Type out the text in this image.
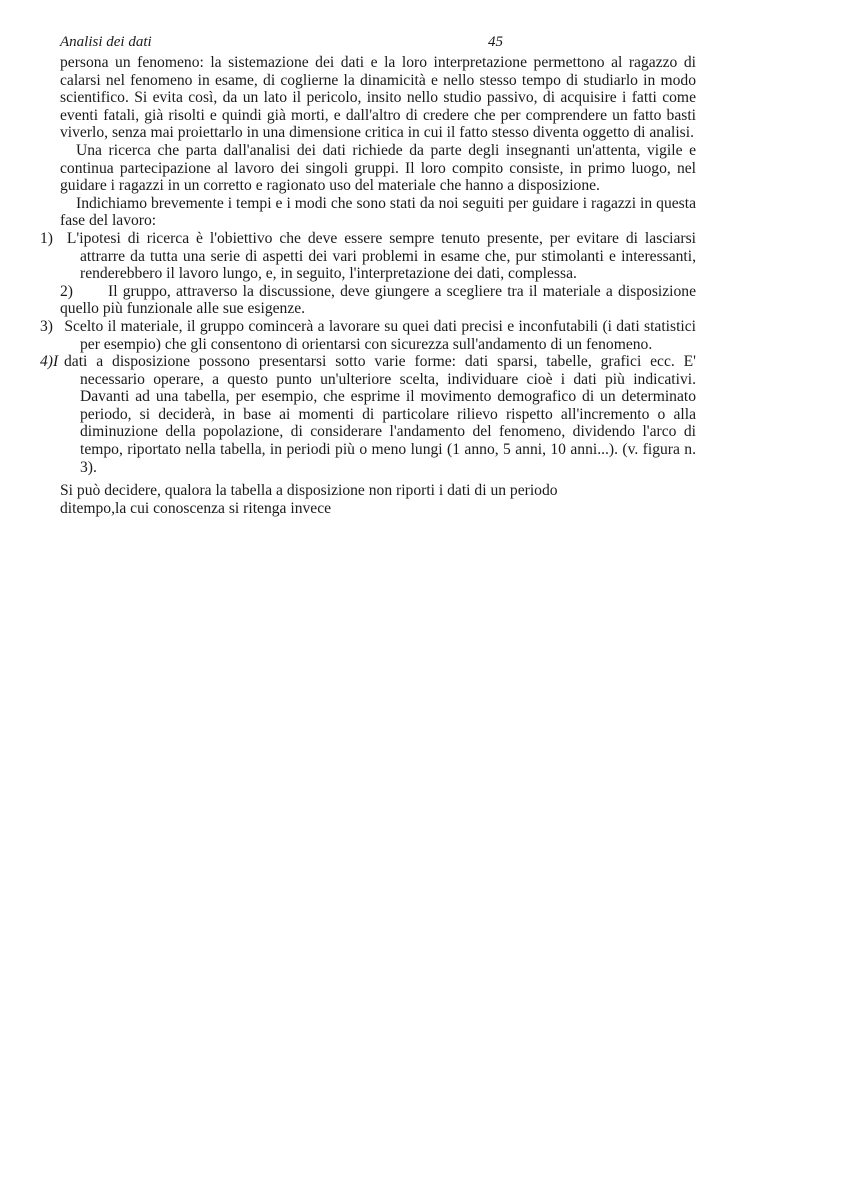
Analisi dei dati	45

persona un fenomeno: la sistemazione dei dati e la loro interpretazione permettono al ragazzo di calarsi nel fenomeno in esame, di coglierne la dinamicità e nello stesso tempo di studiarlo in modo scientifico. Si evita così, da un lato il pericolo, insito nello studio passivo, di acquisire i fatti come eventi fatali, già risolti e quindi già morti, e dall'altro di credere che per comprendere un fatto basti viverlo, senza mai proiettarlo in una dimensione critica in cui il fatto stesso diventa oggetto di analisi.

Una ricerca che parta dall'analisi dei dati richiede da parte degli insegnanti un'attenta, vigile e continua partecipazione al lavoro dei singoli gruppi. Il loro compito consiste, in primo luogo, nel guidare i ragazzi in un corretto e ragionato uso del materiale che hanno a disposizione.

Indichiamo brevemente i tempi e i modi che sono stati da noi seguiti per guidare i ragazzi in questa fase del lavoro:

1) L'ipotesi di ricerca è l'obiettivo che deve essere sempre tenuto presente, per evitare di lasciarsi attrarre da tutta una serie di aspetti dei vari problemi in esame che, pur stimolanti e interessanti, renderebbero il lavoro lungo, e, in seguito, l'interpretazione dei dati, complessa.

2) Il gruppo, attraverso la discussione, deve giungere a scegliere tra il materiale a disposizione quello più funzionale alle sue esigenze.

3) Scelto il materiale, il gruppo comincerà a lavorare su quei dati precisi e inconfutabili (i dati statistici per esempio) che gli consentono di orientarsi con sicurezza sull'andamento di un fenomeno.

4)I dati a disposizione possono presentarsi sotto varie forme: dati sparsi, tabelle, grafici ecc. E' necessario operare, a questo punto un'ulteriore scelta, individuare cioè i dati più indicativi. Davanti ad una tabella, per esempio, che esprime il movimento demografico di un determinato periodo, si deciderà, in base ai momenti di particolare rilievo rispetto all'incremento o alla diminuzione della popolazione, di considerare l'andamento del fenomeno, dividendo l'arco di tempo, riportato nella tabella, in periodi più o meno lungi (1 anno, 5 anni, 10 anni...). (v. figura n. 3).

Si può decidere, qualora la tabella a disposizione non riporti i dati di un periodo
ditempo,la cui conoscenza si ritenga invece
